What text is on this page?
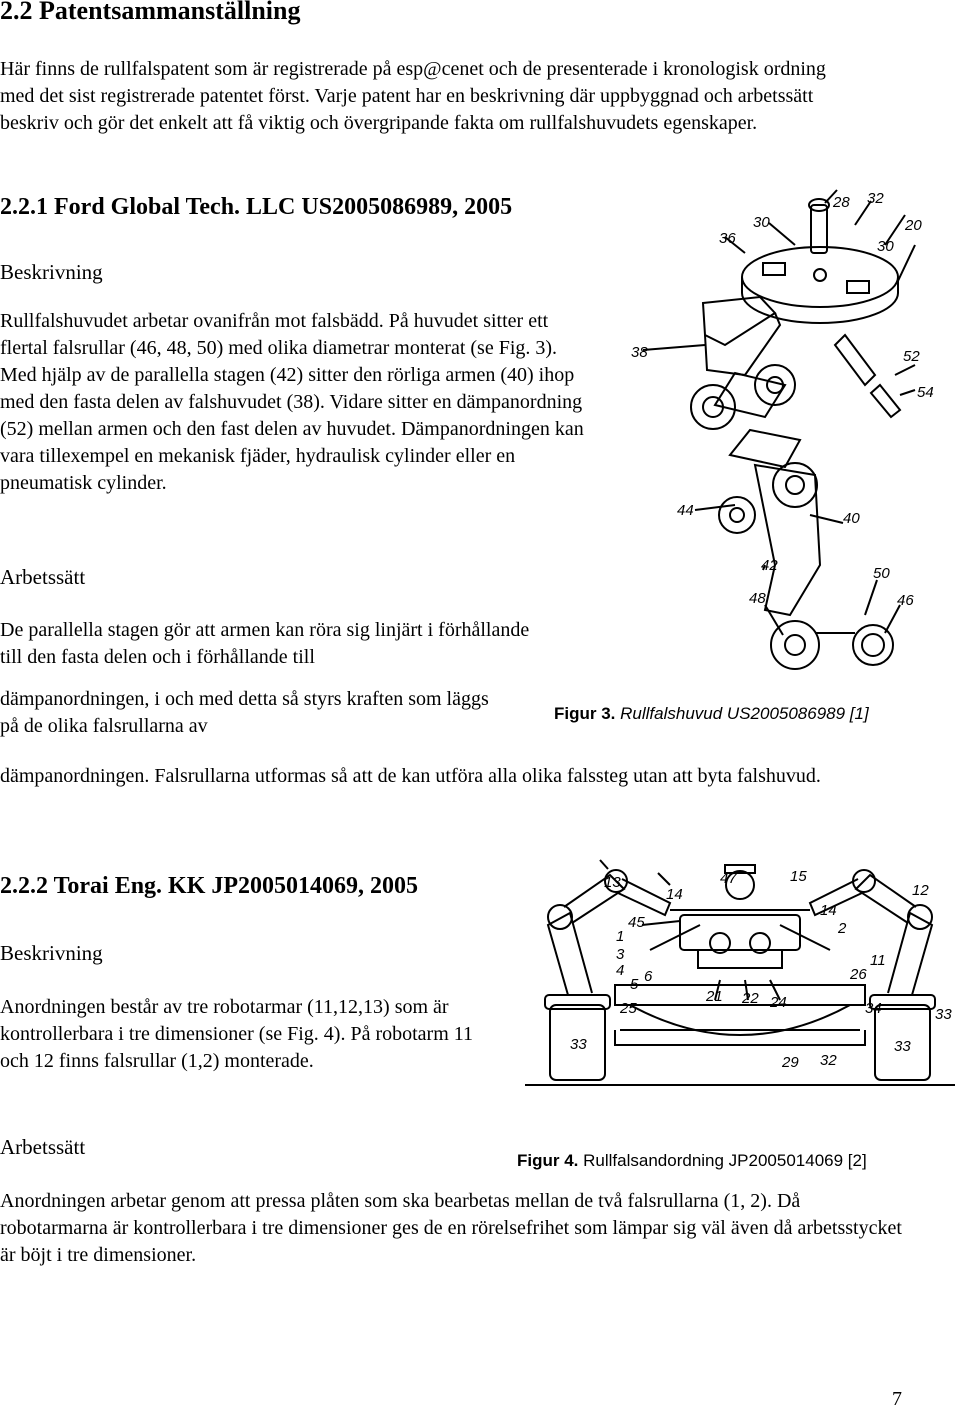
2.2 Patentsammanställning

Här finns de rullfalspatent som är registrerade på esp@cenet och de presenterade i kronologisk ordning med det sist registrerade patentet först. Varje patent har en beskrivning där uppbyggnad och arbetssätt beskriv och gör det enkelt att få viktig och övergripande fakta om rullfalshuvudets egenskaper.

2.2.1 Ford Global Tech. LLC US2005086989, 2005
Beskrivning

Rullfalshuvudet arbetar ovanifrån mot falsbädd. På huvudet sitter ett flertal falsrullar (46, 48, 50) med olika diametrar monterat (se Fig. 3). Med hjälp av de parallella stagen (42) sitter den rörliga armen (40) ihop med den fasta delen av falshuvudet (38). Vidare sitter en dämpanordning (52) mellan armen och den fast delen av huvudet. Dämpanordningen kan vara tillexempel en mekanisk fjäder, hydraulisk cylinder eller en pneumatisk cylinder.

Arbetssätt

De parallella stagen gör att armen kan röra sig linjärt i förhållande till den fasta delen och i förhållande till

dämpanordningen, i och med detta så styrs kraften som läggs på de olika falsrullarna av

dämpanordningen. Falsrullarna utformas så att de kan utföra alla olika falssteg utan att byta falshuvud.

28 32
30
36
20
30
38	52
54
44	40
42	50
48	46
Figur 3. Rullfalshuvud US2005086989 [1]
2.2.2 Torai Eng. KK JP2005014069, 2005
Beskrivning

Anordningen består av tre robotarmar (11,12,13) som är kontrollerbara i tre dimensioner (se Fig. 4). På robotarm 11 och 12 finns falsrullar (1,2) monterade.

Arbetssätt

Anordningen arbetar genom att pressa plåten som ska bearbetas mellan de två falsrullarna (1, 2). Då robotarmarna är kontrollerbara i tre dimensioner ges de en rörelsefrihet som lämpar sig väl även då arbetsstycket är böjt i tre dimensioner.

13
14
47
45
15
14
1	2
12
11
3
4
5 6
21 22 24
25
26
33	33
32
29
34	33
Figur 4. Rullfalsandordning JP2005014069 [2]
7
